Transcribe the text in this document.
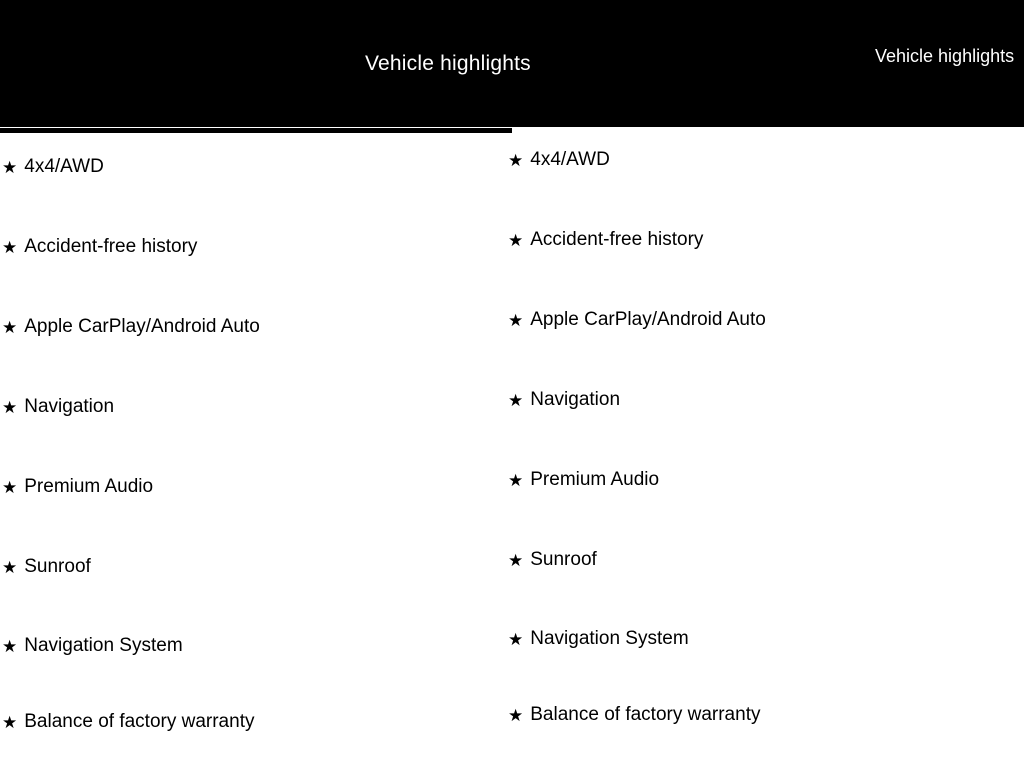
Vehicle highlights	Vehicle highlights
★ 4x4/AWD
★ Accident-free history
★ Apple CarPlay/Android Auto
★ Navigation
★ Premium Audio
★ Sunroof
★ Navigation System
★ Balance of factory warranty
★ 4x4/AWD
★ Accident-free history
★ Apple CarPlay/Android Auto
★ Navigation
★ Premium Audio
★ Sunroof
★ Navigation System
★ Balance of factory warranty
